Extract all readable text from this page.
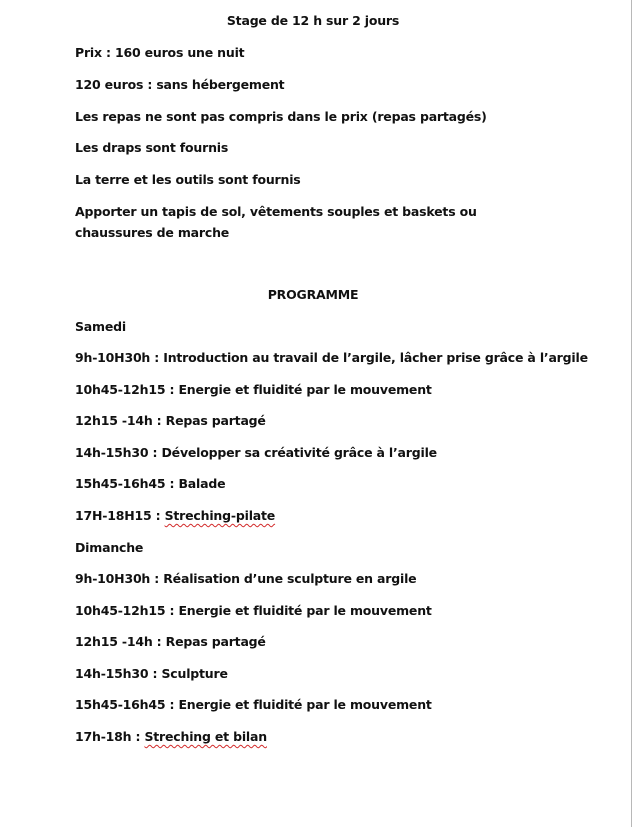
Stage de 12 h sur 2 jours
Prix : 160 euros une nuit
120 euros : sans hébergement
Les repas ne sont pas compris dans le prix (repas partagés)
Les draps sont fournis
La terre et les outils sont fournis
Apporter un tapis de sol, vêtements souples et baskets ou chaussures de marche
PROGRAMME
Samedi
9h-10H30h : Introduction au travail de l’argile, lâcher prise grâce à l’argile
10h45-12h15 : Energie et fluidité par le mouvement
12h15 -14h : Repas partagé
14h-15h30 : Développer sa créativité grâce à l’argile
15h45-16h45 : Balade
17H-18H15 : Streching-pilate
Dimanche
9h-10H30h : Réalisation d’une sculpture en argile
10h45-12h15 : Energie et fluidité par le mouvement
12h15 -14h : Repas partagé
14h-15h30 : Sculpture
15h45-16h45 : Energie et fluidité par le mouvement
17h-18h : Streching et bilan
